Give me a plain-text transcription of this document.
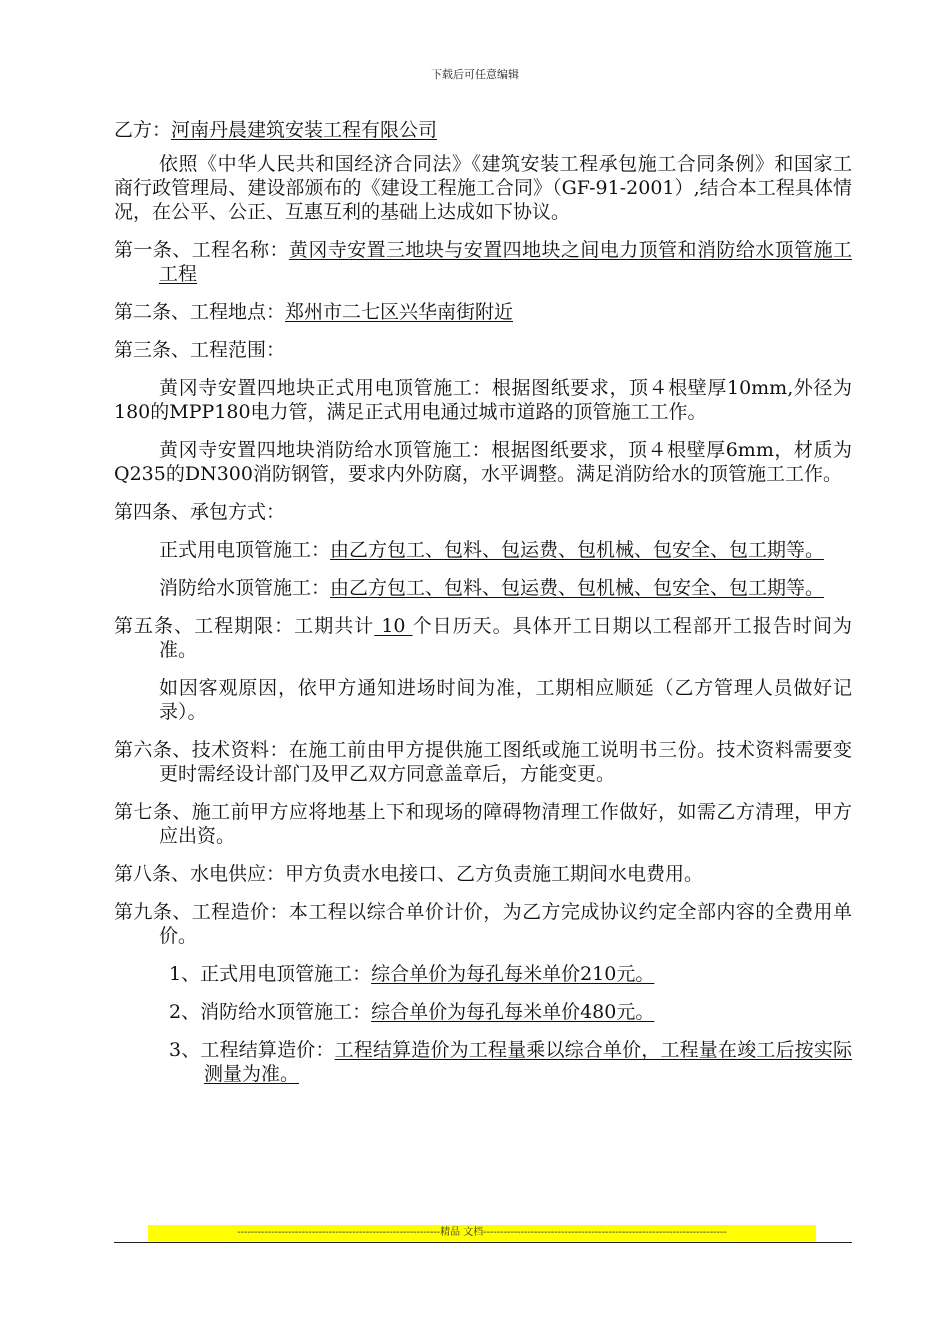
下载后可任意编辑

乙方：河南丹晨建筑安装工程有限公司

依照《中华人民共和国经济合同法》《建筑安装工程承包施工合同条例》和国家工商行政管理局、建设部颁布的《建设工程施工合同》（GF-91-2001）,结合本工程具体情况，在公平、公正、互惠互利的基础上达成如下协议。

第一条、工程名称：黄冈寺安置三地块与安置四地块之间电力顶管和消防给水顶管施工工程

第二条、工程地点：郑州市二七区兴华南街附近

第三条、工程范围：

黄冈寺安置四地块正式用电顶管施工：根据图纸要求，顶４根壁厚10mm,外径为180的MPP180电力管，满足正式用电通过城市道路的顶管施工工作。

黄冈寺安置四地块消防给水顶管施工：根据图纸要求，顶４根壁厚6mm，材质为Q235的DN300消防钢管，要求内外防腐，水平调整。满足消防给水的顶管施工工作。

第四条、承包方式：

正式用电顶管施工：由乙方包工、包料、包运费、包机械、包安全、包工期等。

消防给水顶管施工：由乙方包工、包料、包运费、包机械、包安全、包工期等。

第五条、工程期限：工期共计 10 个日历天。具体开工日期以工程部开工报告时间为准。

如因客观原因，依甲方通知进场时间为准，工期相应顺延（乙方管理人员做好记录）。

第六条、技术资料：在施工前由甲方提供施工图纸或施工说明书三份。技术资料需要变更时需经设计部门及甲乙双方同意盖章后，方能变更。

第七条、施工前甲方应将地基上下和现场的障碍物清理工作做好，如需乙方清理，甲方应出资。

第八条、水电供应：甲方负责水电接口、乙方负责施工期间水电费用。

第九条、工程造价：本工程以综合单价计价，为乙方完成协议约定全部内容的全费用单价。

1、正式用电顶管施工：综合单价为每孔每米单价210元。

2、消防给水顶管施工：综合单价为每孔每米单价480元。

3、工程结算造价：工程结算造价为工程量乘以综合单价，工程量在竣工后按实际测量为准。

------------------------------------------------------------精品 文档------------------------------------------------------------------------
